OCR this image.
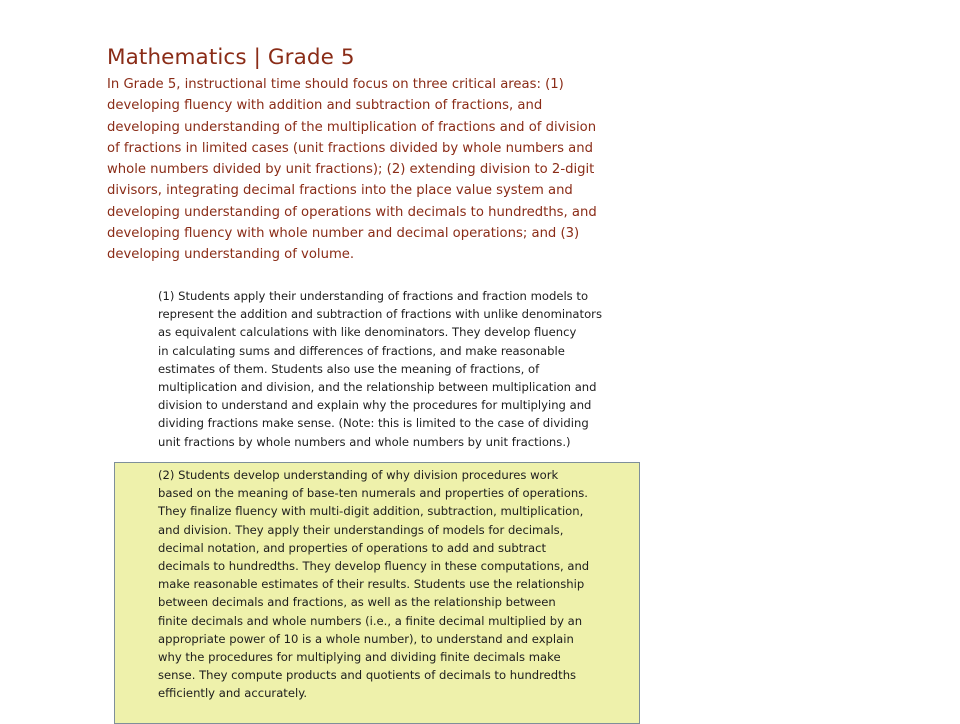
Mathematics | Grade 5
In Grade 5, instructional time should focus on three critical areas: (1)
developing fluency with addition and subtraction of fractions, and
developing understanding of the multiplication of fractions and of division
of fractions in limited cases (unit fractions divided by whole numbers and
whole numbers divided by unit fractions); (2) extending division to 2-digit
divisors, integrating decimal fractions into the place value system and
developing understanding of operations with decimals to hundredths, and
developing fluency with whole number and decimal operations; and (3)
developing understanding of volume.
(1) Students apply their understanding of fractions and fraction models to
represent the addition and subtraction of fractions with unlike denominators
as equivalent calculations with like denominators. They develop fluency
in calculating sums and differences of fractions, and make reasonable
estimates of them. Students also use the meaning of fractions, of
multiplication and division, and the relationship between multiplication and
division to understand and explain why the procedures for multiplying and
dividing fractions make sense. (Note: this is limited to the case of dividing
unit fractions by whole numbers and whole numbers by unit fractions.)
(2) Students develop understanding of why division procedures work
based on the meaning of base-ten numerals and properties of operations.
They finalize fluency with multi-digit addition, subtraction, multiplication,
and division. They apply their understandings of models for decimals,
decimal notation, and properties of operations to add and subtract
decimals to hundredths. They develop fluency in these computations, and
make reasonable estimates of their results. Students use the relationship
between decimals and fractions, as well as the relationship between
finite decimals and whole numbers (i.e., a finite decimal multiplied by an
appropriate power of 10 is a whole number), to understand and explain
why the procedures for multiplying and dividing finite decimals make
sense. They compute products and quotients of decimals to hundredths
efficiently and accurately.
